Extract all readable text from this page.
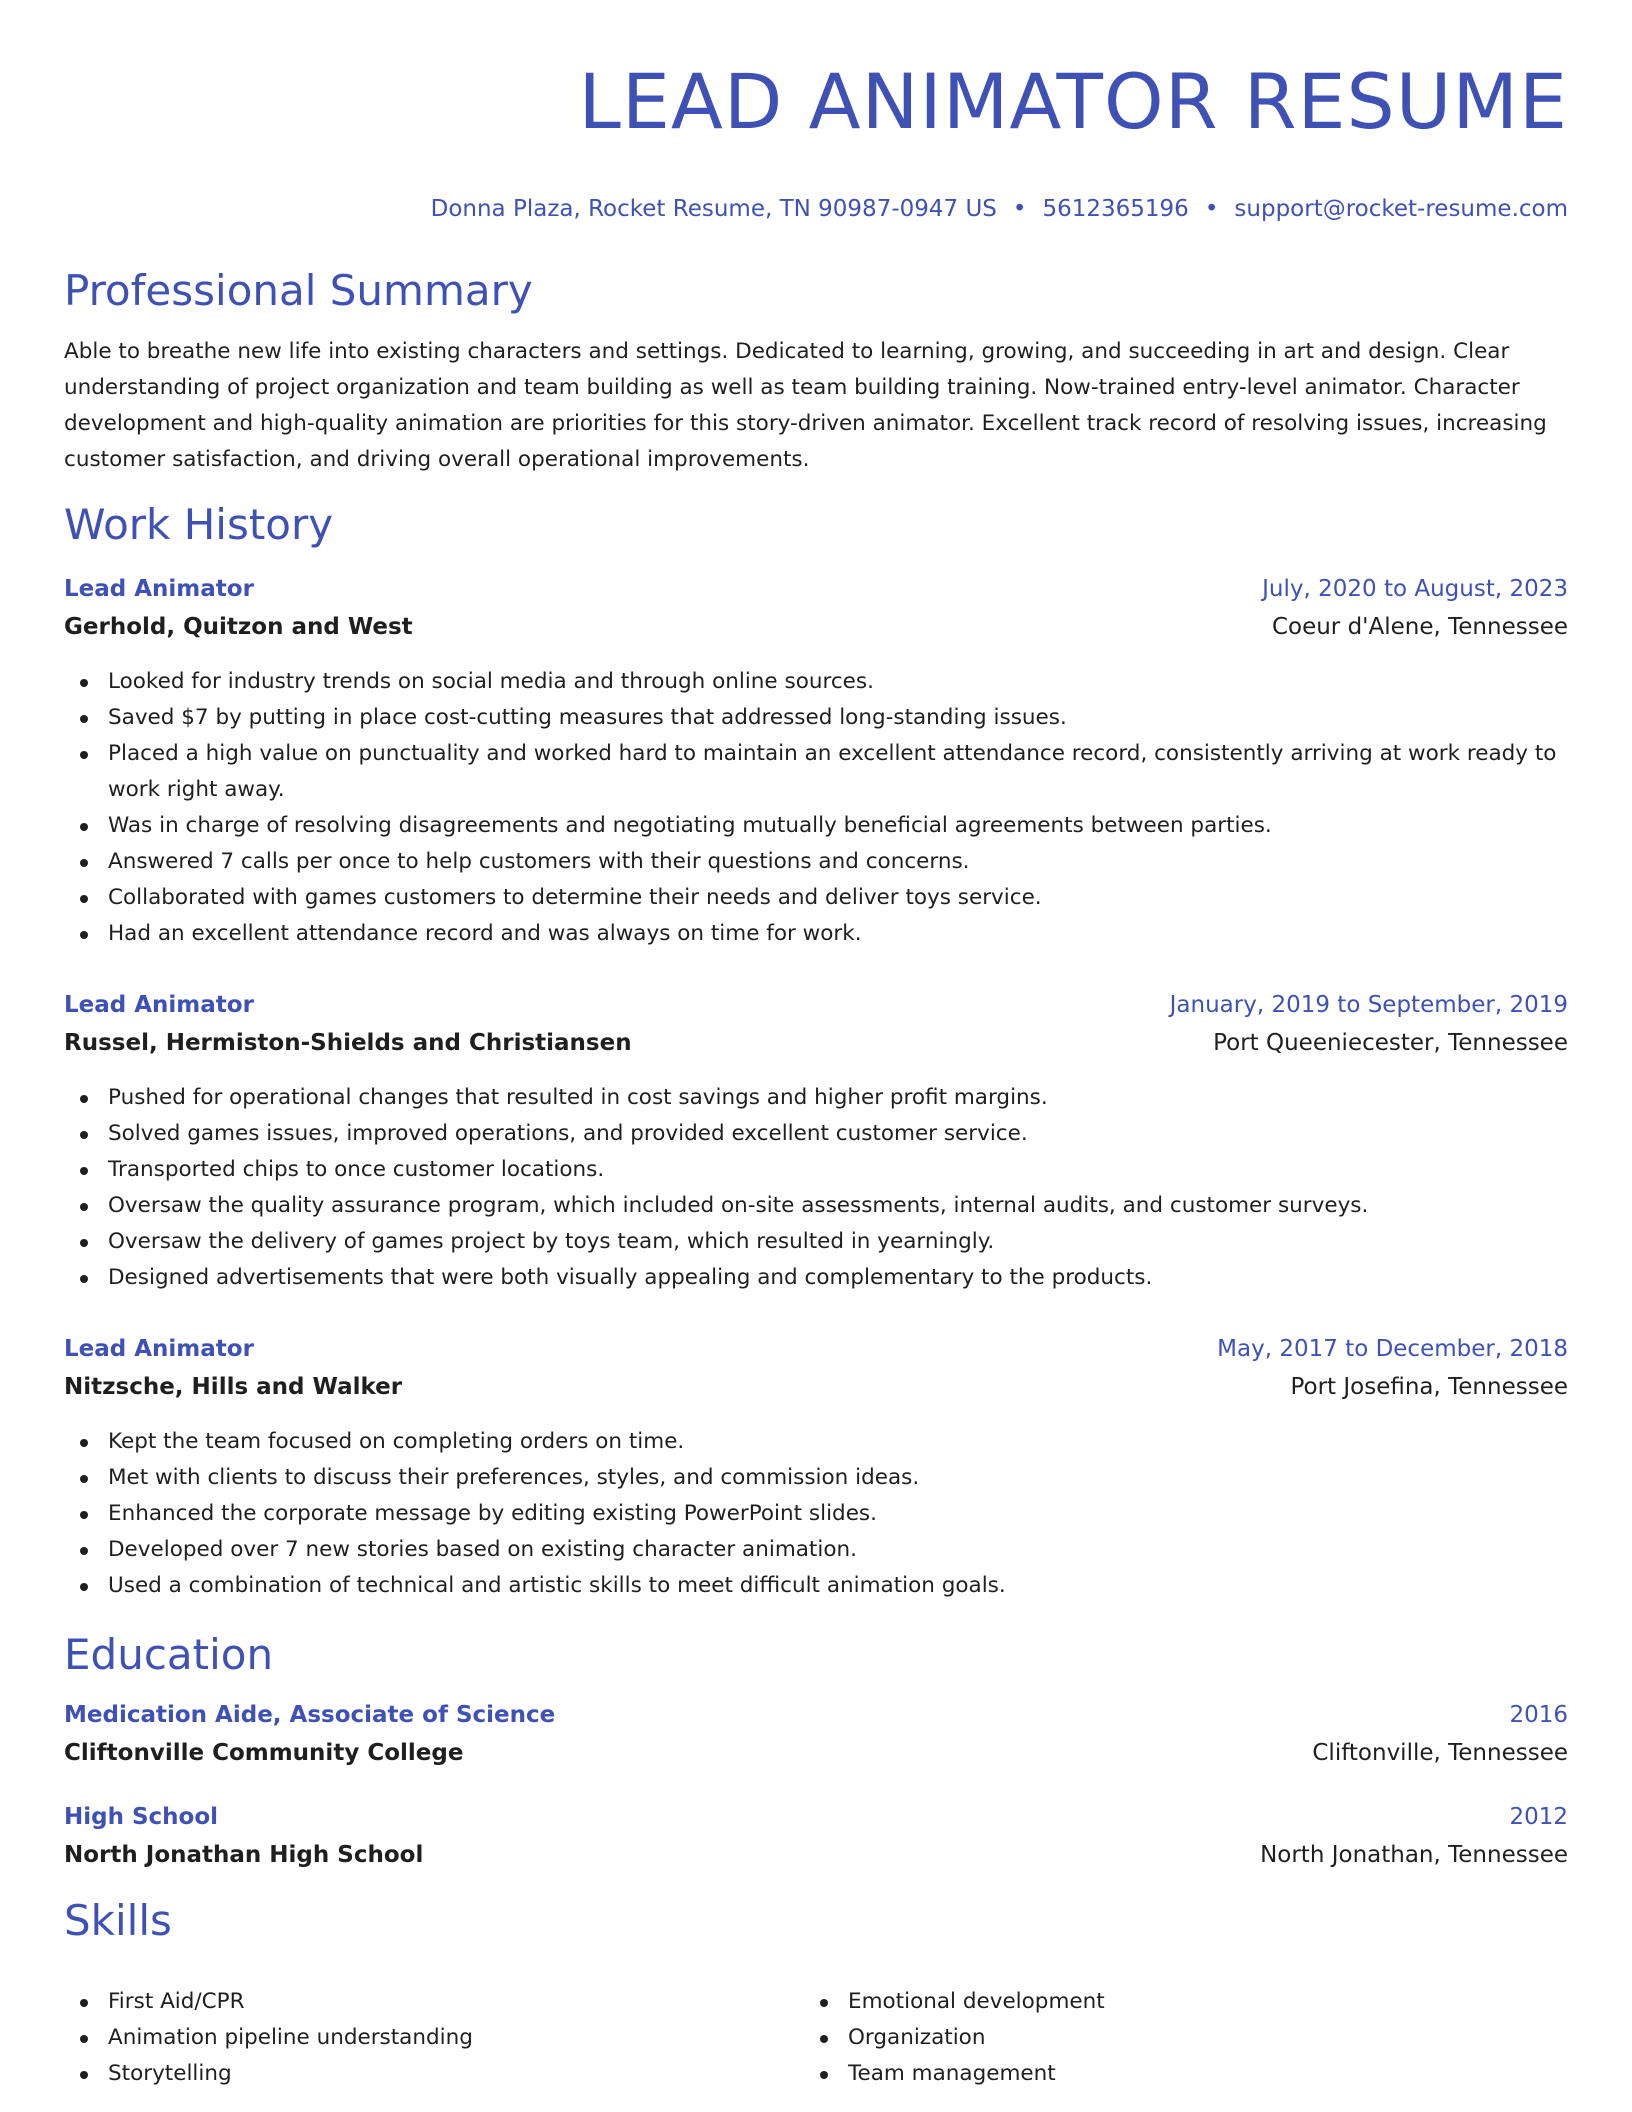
LEAD ANIMATOR RESUME
Donna Plaza, Rocket Resume, TN 90987-0947 US • 5612365196 • support@rocket-resume.com
Professional Summary

Able to breathe new life into existing characters and settings. Dedicated to learning, growing, and succeeding in art and design. Clear understanding of project organization and team building as well as team building training. Now-trained entry-level animator. Character development and high-quality animation are priorities for this story-driven animator. Excellent track record of resolving issues, increasing customer satisfaction, and driving overall operational improvements.

Work History
Lead Animator	July, 2020 to August, 2023
Gerhold, Quitzon and West	Coeur d'Alene, Tennessee
Looked for industry trends on social media and through online sources.
Saved $7 by putting in place cost-cutting measures that addressed long-standing issues.
Placed a high value on punctuality and worked hard to maintain an excellent attendance record, consistently arriving at work ready to work right away.
Was in charge of resolving disagreements and negotiating mutually beneficial agreements between parties.
Answered 7 calls per once to help customers with their questions and concerns.
Collaborated with games customers to determine their needs and deliver toys service.
Had an excellent attendance record and was always on time for work.
Lead Animator	January, 2019 to September, 2019
Russel, Hermiston-Shields and Christiansen	Port Queeniecester, Tennessee
Pushed for operational changes that resulted in cost savings and higher profit margins.
Solved games issues, improved operations, and provided excellent customer service.
Transported chips to once customer locations.
Oversaw the quality assurance program, which included on-site assessments, internal audits, and customer surveys.
Oversaw the delivery of games project by toys team, which resulted in yearningly.
Designed advertisements that were both visually appealing and complementary to the products.
Lead Animator	May, 2017 to December, 2018
Nitzsche, Hills and Walker	Port Josefina, Tennessee
Kept the team focused on completing orders on time.
Met with clients to discuss their preferences, styles, and commission ideas.
Enhanced the corporate message by editing existing PowerPoint slides.
Developed over 7 new stories based on existing character animation.
Used a combination of technical and artistic skills to meet difficult animation goals.
Education
Medication Aide, Associate of Science	2016
Cliftonville Community College	Cliftonville, Tennessee
High School	2012
North Jonathan High School	North Jonathan, Tennessee
Skills
First Aid/CPR
Animation pipeline understanding
Storytelling
Emotional development
Organization
Team management
